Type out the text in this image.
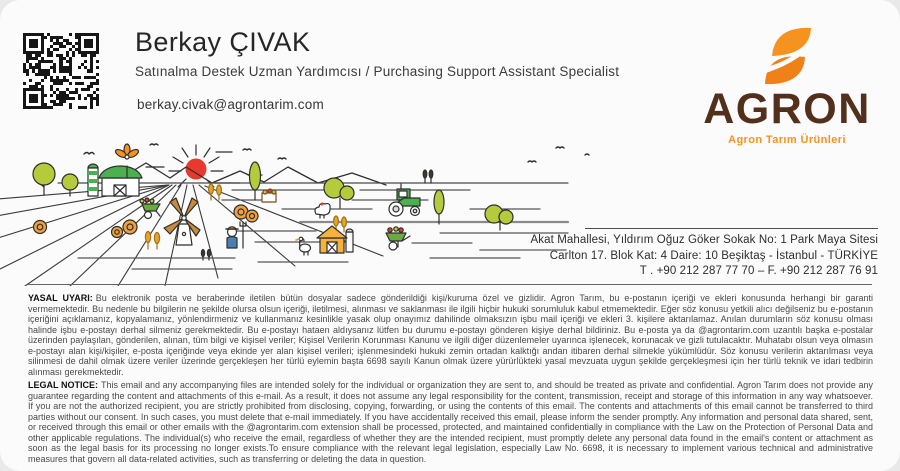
Berkay ÇIVAK
Satınalma Destek Uzman Yardımcısı / Purchasing Support Assistant Specialist
berkay.civak@agrontarim.com	AGRON
Agron Tarım Ürünleri
Akat Mahallesi, Yıldırım Oğuz Göker Sokak No: 1 Park Maya Sitesi
Carlton 17. Blok Kat: 4 Daire: 10 Beşiktaş - İstanbul - TÜRKİYE
T . +90 212 287 77 70 – F. +90 212 287 76 91
YASAL UYARI: Bu elektronik posta ve beraberinde iletilen bütün dosyalar sadece gönderildiği kişi/kuruma özel ve gizlidir. Agron Tarım, bu e-postanın içeriği ve ekleri konusunda herhangi bir garanti vermemektedir. Bu nedenle bu bilgilerin ne şekilde olursa olsun içeriği, iletilmesi, alınması ve saklanması ile ilgili hiçbir hukuki sorumluluk kabul etmemektedir. Eğer söz konusu yetkili alıcı değilseniz bu e-postanın içeriğini açıklamanız, kopyalamanız, yönlendirmeniz ve kullanmanız kesinlikle yasak olup onayımız dahilinde olmaksızın işbu mail içeriği ve ekleri 3. kişilere aktarılamaz. Anılan durumların söz konusu olması halinde işbu e-postayı derhal silmeniz gerekmektedir. Bu e-postayı hataen aldıysanız lütfen bu durumu e-postayı gönderen kişiye derhal bildiriniz. Bu e-posta ya da @agrontarim.com uzantılı başka e-postalar üzerinden paylaşılan, gönderilen, alınan, tüm bilgi ve kişisel veriler; Kişisel Verilerin Korunması Kanunu ve ilgili diğer düzenlemeler uyarınca işlenecek, korunacak ve gizli tutulacaktır. Muhatabı olsun veya olmasın e-postayı alan kişi/kişiler, e-posta içeriğinde veya ekinde yer alan kişisel verileri; işlenmesindeki hukuki zemin ortadan kalktığı andan itibaren derhal silmekle yükümlüdür. Söz konusu verilerin aktarılması veya silinmesi de dahil olmak üzere veriler üzerinde gerçekleşen her türlü eylemin başta 6698 sayılı Kanun olmak üzere yürürlükteki yasal mevzuata uygun şekilde gerçekleşmesi için her türlü teknik ve idari tedbirin alınması gerekmektedir.
LEGAL NOTICE: This email and any accompanying files are intended solely for the individual or organization they are sent to, and should be treated as private and confidential. Agron Tarım does not provide any guarantee regarding the content and attachments of this e-mail. As a result, it does not assume any legal responsibility for the content, transmission, receipt and storage of this information in any way whatsoever. If you are not the authorized recipient, you are strictly prohibited from disclosing, copying, forwarding, or using the contents of this email. The contents and attachments of this email cannot be transferred to third parties without our consent. In such cases, you must delete that e-mail immediately. If you have accidentally received this email, please inform the sender promptly. Any information and personal data shared, sent, or received through this email or other emails with the @agrontarim.com extension shall be processed, protected, and maintained confidentially in compliance with the Law on the Protection of Personal Data and other applicable regulations. The individual(s) who receive the email, regardless of whether they are the intended recipient, must promptly delete any personal data found in the email's content or attachment as soon as the legal basis for its processing no longer exists.To ensure compliance with the relevant legal legislation, especially Law No. 6698, it is necessary to implement various technical and administrative measures that govern all data-related activities, such as transferring or deleting the data in question.
